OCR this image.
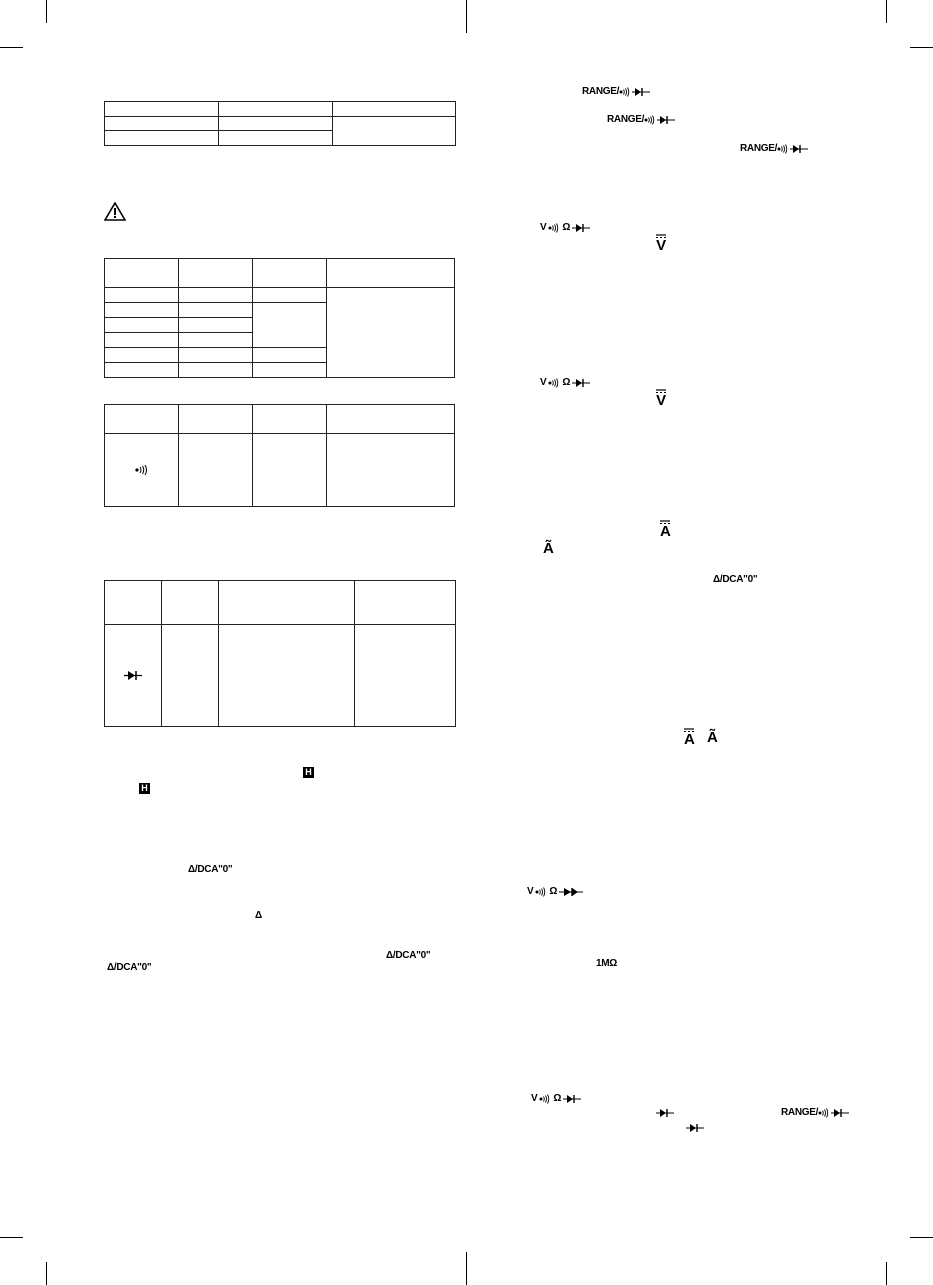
H
H
Δ/DCA"0"
Δ
Δ/DCA"0"
Δ/DCA"0"
RANGE/
RANGE/
RANGE/
V Ω
V
V Ω
V
A
Ã
Δ/DCA"0"
A Ã
V Ω
1MΩ
V Ω
RANGE/
